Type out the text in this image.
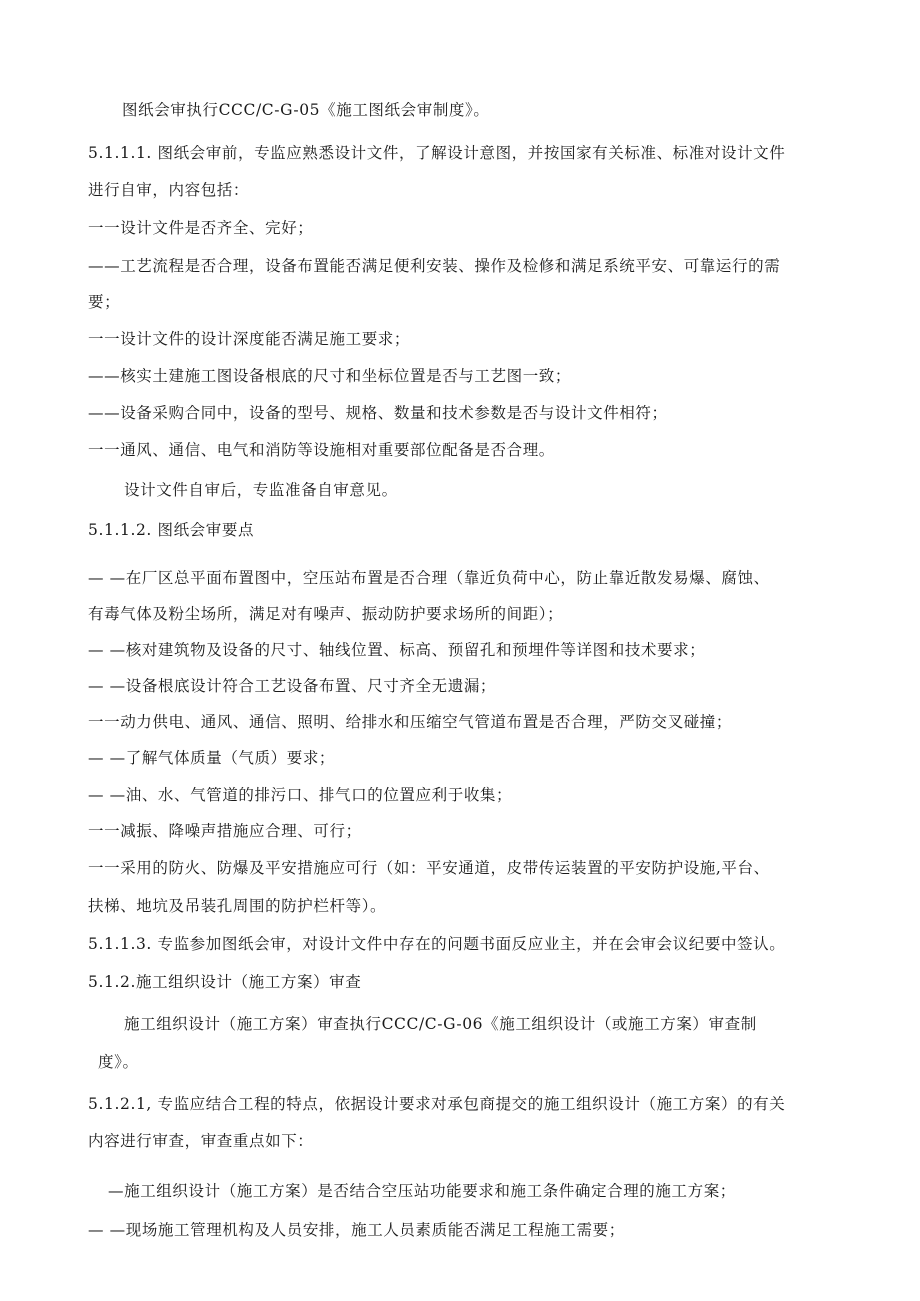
图纸会审执行CCC/C-G-05《施工图纸会审制度》。
5.1.1.1. 图纸会审前，专监应熟悉设计文件，了解设计意图，并按国家有关标准、标准对设计文件
进行自审，内容包括：
一一设计文件是否齐全、完好；
——工艺流程是否合理，设备布置能否满足便利安装、操作及检修和满足系统平安、可靠运行的需
要；
一一设计文件的设计深度能否满足施工要求；
——核实土建施工图设备根底的尺寸和坐标位置是否与工艺图一致；
——设备采购合同中，设备的型号、规格、数量和技术参数是否与设计文件相符；
一一通风、通信、电气和消防等设施相对重要部位配备是否合理。
设计文件自审后，专监准备自审意见。
5.1.1.2. 图纸会审要点
— —在厂区总平面布置图中，空压站布置是否合理（靠近负荷中心，防止靠近散发易爆、腐蚀、
有毒气体及粉尘场所，满足对有噪声、振动防护要求场所的间距）；
— —核对建筑物及设备的尺寸、轴线位置、标高、预留孔和预埋件等详图和技术要求；
— —设备根底设计符合工艺设备布置、尺寸齐全无遗漏；
一一动力供电、通风、通信、照明、给排水和压缩空气管道布置是否合理，严防交叉碰撞；
— —了解气体质量（气质）要求；
— —油、水、气管道的排污口、排气口的位置应利于收集；
一一减振、降噪声措施应合理、可行；
一一采用的防火、防爆及平安措施应可行（如：平安通道，皮带传运装置的平安防护设施,平台、
扶梯、地坑及吊装孔周围的防护栏杆等）。
5.1.1.3. 专监参加图纸会审，对设计文件中存在的问题书面反应业主，并在会审会议纪要中签认。
5.1.2.施工组织设计（施工方案）审查
施工组织设计（施工方案）审查执行CCC/C-G-06《施工组织设计（或施工方案）审查制
度》。
5.1.2.1, 专监应结合工程的特点，依据设计要求对承包商提交的施工组织设计（施工方案）的有关
内容进行审查，审查重点如下：
—施工组织设计（施工方案）是否结合空压站功能要求和施工条件确定合理的施工方案；
— —现场施工管理机构及人员安排，施工人员素质能否满足工程施工需要；
